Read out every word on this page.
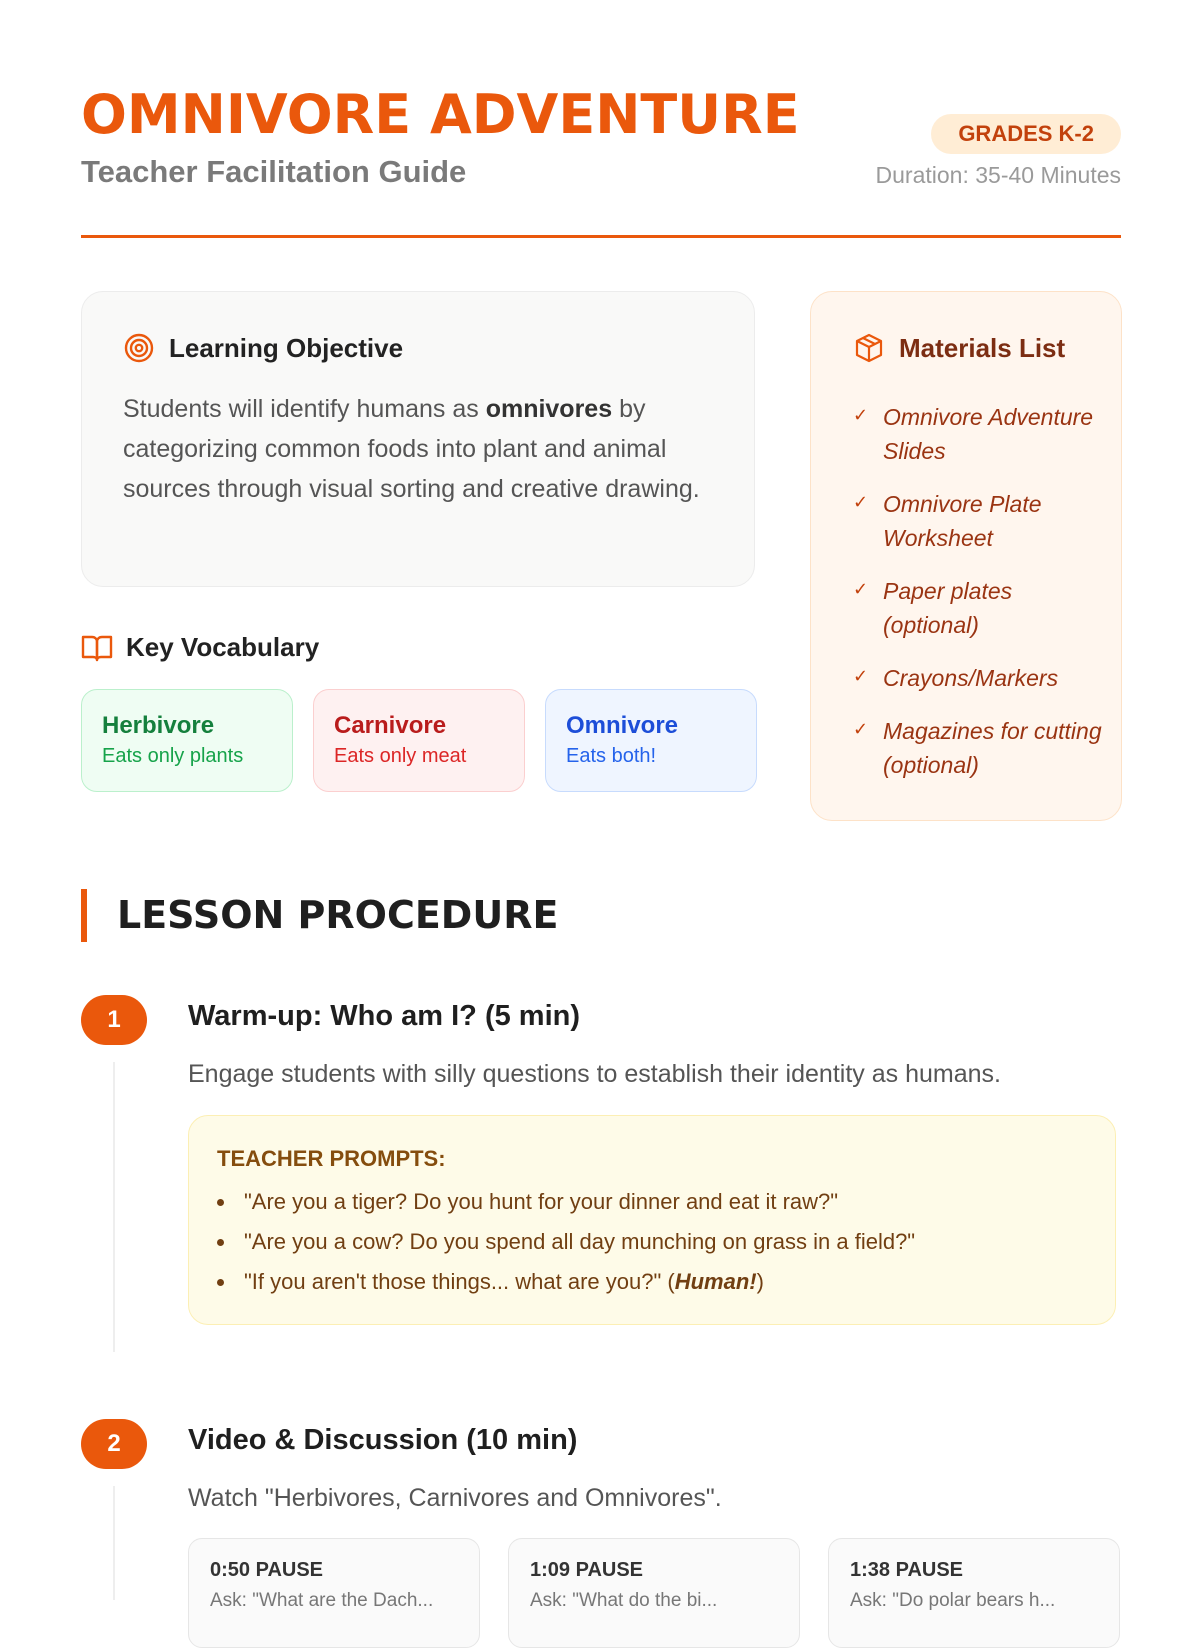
OMNIVORE ADVENTURE
Teacher Facilitation Guide
GRADES K-2
Duration: 35-40 Minutes
Learning Objective
Students will identify humans as omnivores by categorizing common foods into plant and animal sources through visual sorting and creative drawing.
Key Vocabulary
Herbivore
Eats only plants
Carnivore
Eats only meat
Omnivore
Eats both!
Materials List
✓ Omnivore Adventure Slides
✓ Omnivore Plate Worksheet
✓ Paper plates (optional)
✓ Crayons/Markers
✓ Magazines for cutting (optional)
LESSON PROCEDURE
1	Warm-up: Who am I? (5 min)
Engage students with silly questions to establish their identity as humans.
TEACHER PROMPTS:
"Are you a tiger? Do you hunt for your dinner and eat it raw?"
"Are you a cow? Do you spend all day munching on grass in a field?"
"If you aren't those things... what are you?" (Human!)
2	Video & Discussion (10 min)
Watch "Herbivores, Carnivores and Omnivores".
0:50 PAUSE
Ask: "What are the Dach...
1:09 PAUSE
Ask: "What do the bi...
1:38 PAUSE
Ask: "Do polar bears h...
